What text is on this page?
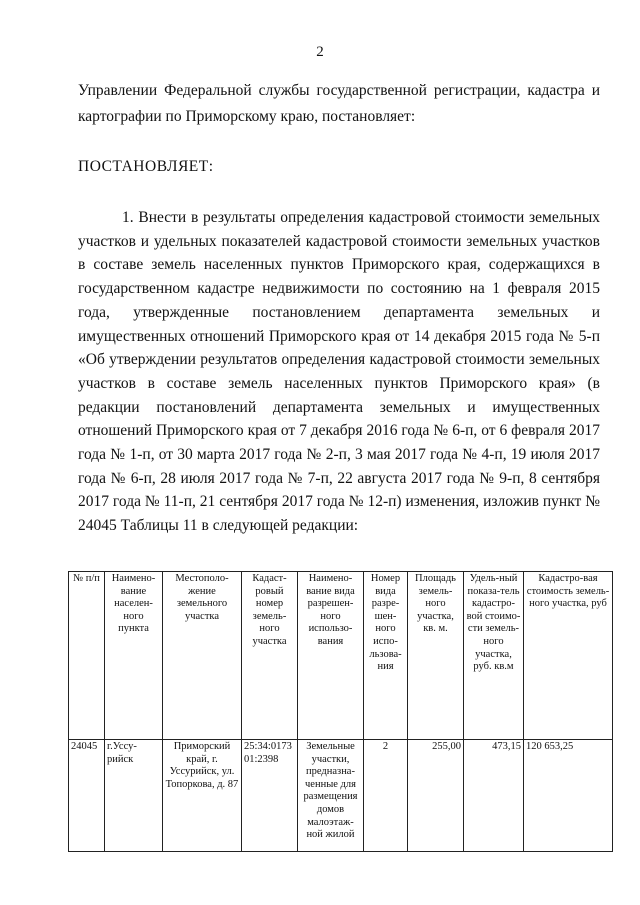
2
Управлении Федеральной службы государственной регистрации, кадастра и картографии по Приморскому краю, постановляет:
ПОСТАНОВЛЯЕТ:
1. Внести в результаты определения кадастровой стоимости земельных участков и удельных показателей кадастровой стоимости земельных участков в составе земель населенных пунктов Приморского края, содержащихся в государственном кадастре недвижимости по состоянию на 1 февраля 2015 года, утвержденные постановлением департамента земельных и имущественных отношений Приморского края от 14 декабря 2015 года № 5-п «Об утверждении результатов определения кадастровой стоимости земельных участков в составе земель населенных пунктов Приморского края» (в редакции постановлений департамента земельных и имущественных отношений Приморского края от 7 декабря 2016 года № 6-п, от 6 февраля 2017 года № 1-п, от 30 марта 2017 года № 2-п, 3 мая 2017 года № 4-п, 19 июля 2017 года № 6-п, 28 июля 2017 года № 7-п, 22 августа 2017 года № 9-п, 8 сентября 2017 года № 11-п, 21 сентября 2017 года № 12-п) изменения, изложив пункт № 24045 Таблицы 11 в следующей редакции:
№ п/п	Наимено-вание населен-ного пункта	Местополо-жение земельного участка	Кадаст-ровый номер земель-ного участка	Наимено-вание вида разрешен-ного использо-вания	Номер вида разре-шен-ного испо-льзова-ния	Площадь земель-ного участка, кв. м.	Удель-ный показа-тель кадастро-вой стоимо-сти земель-ного участка, руб. кв.м	Кадастро-вая стоимость земель-ного участка, руб
24045	г.Уссу-рийск	Приморский край, г. Уссурийск, ул. Топоркова, д. 87	25:34:0173 01:2398	Земельные участки, предназна-ченные для размещения домов малоэтаж-ной жилой	2	255,00	473,15	120 653,25
